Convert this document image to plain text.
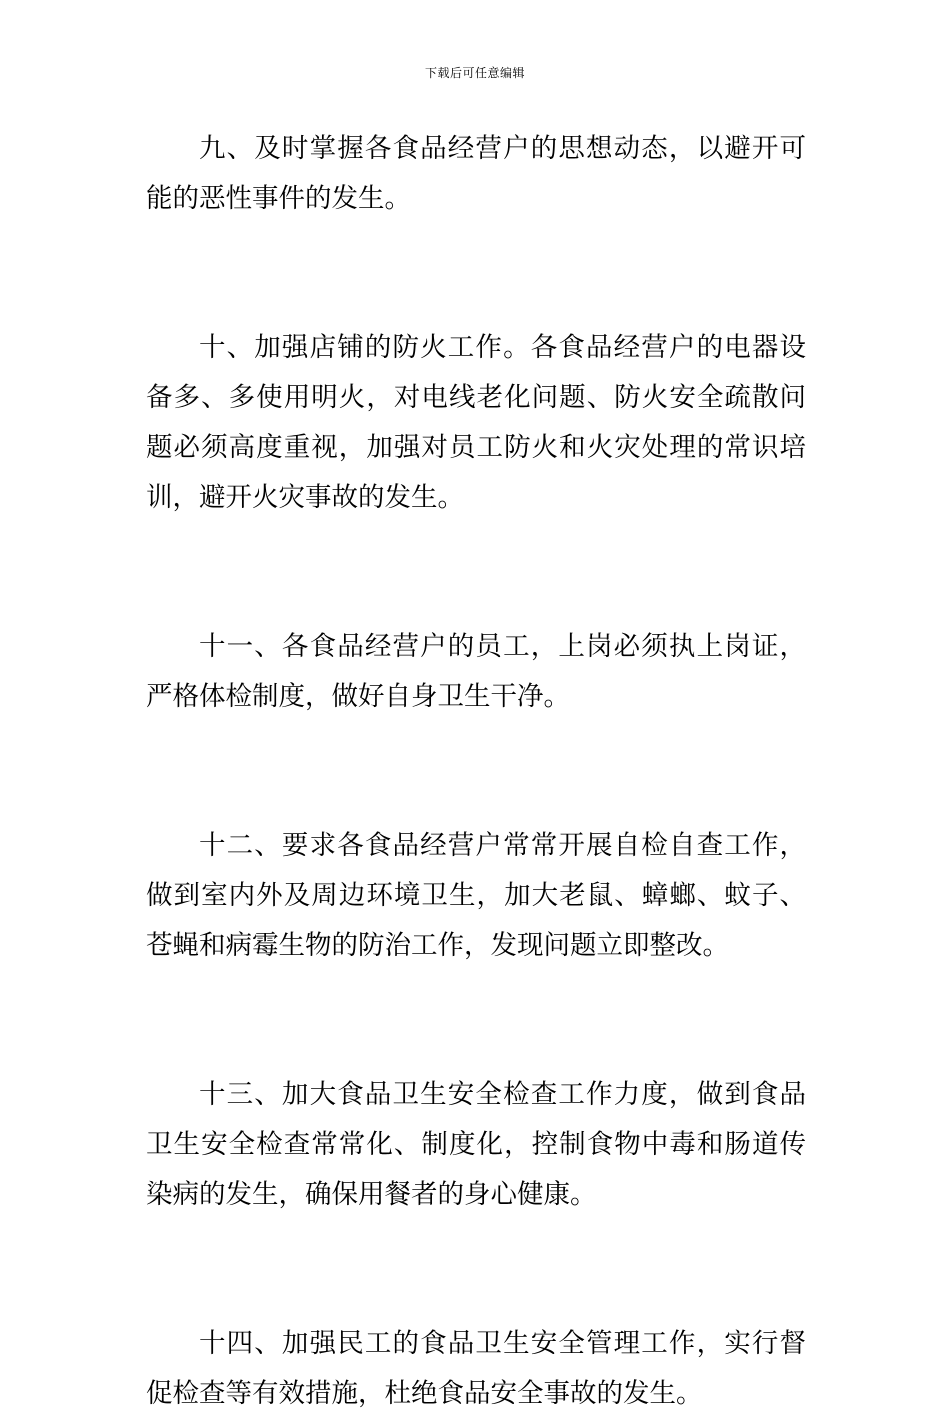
下载后可任意编辑

九、及时掌握各食品经营户的思想动态，以避开可能的恶性事件的发生。

十、加强店铺的防火工作。各食品经营户的电器设备多、多使用明火，对电线老化问题、防火安全疏散问题必须高度重视，加强对员工防火和火灾处理的常识培训，避开火灾事故的发生。

十一、各食品经营户的员工，上岗必须执上岗证，严格体检制度，做好自身卫生干净。

十二、要求各食品经营户常常开展自检自查工作，做到室内外及周边环境卫生，加大老鼠、蟑螂、蚊子、苍蝇和病霉生物的防治工作，发现问题立即整改。

十三、加大食品卫生安全检查工作力度，做到食品卫生安全检查常常化、制度化，控制食物中毒和肠道传染病的发生，确保用餐者的身心健康。

十四、加强民工的食品卫生安全管理工作，实行督促检查等有效措施，杜绝食品安全事故的发生。
